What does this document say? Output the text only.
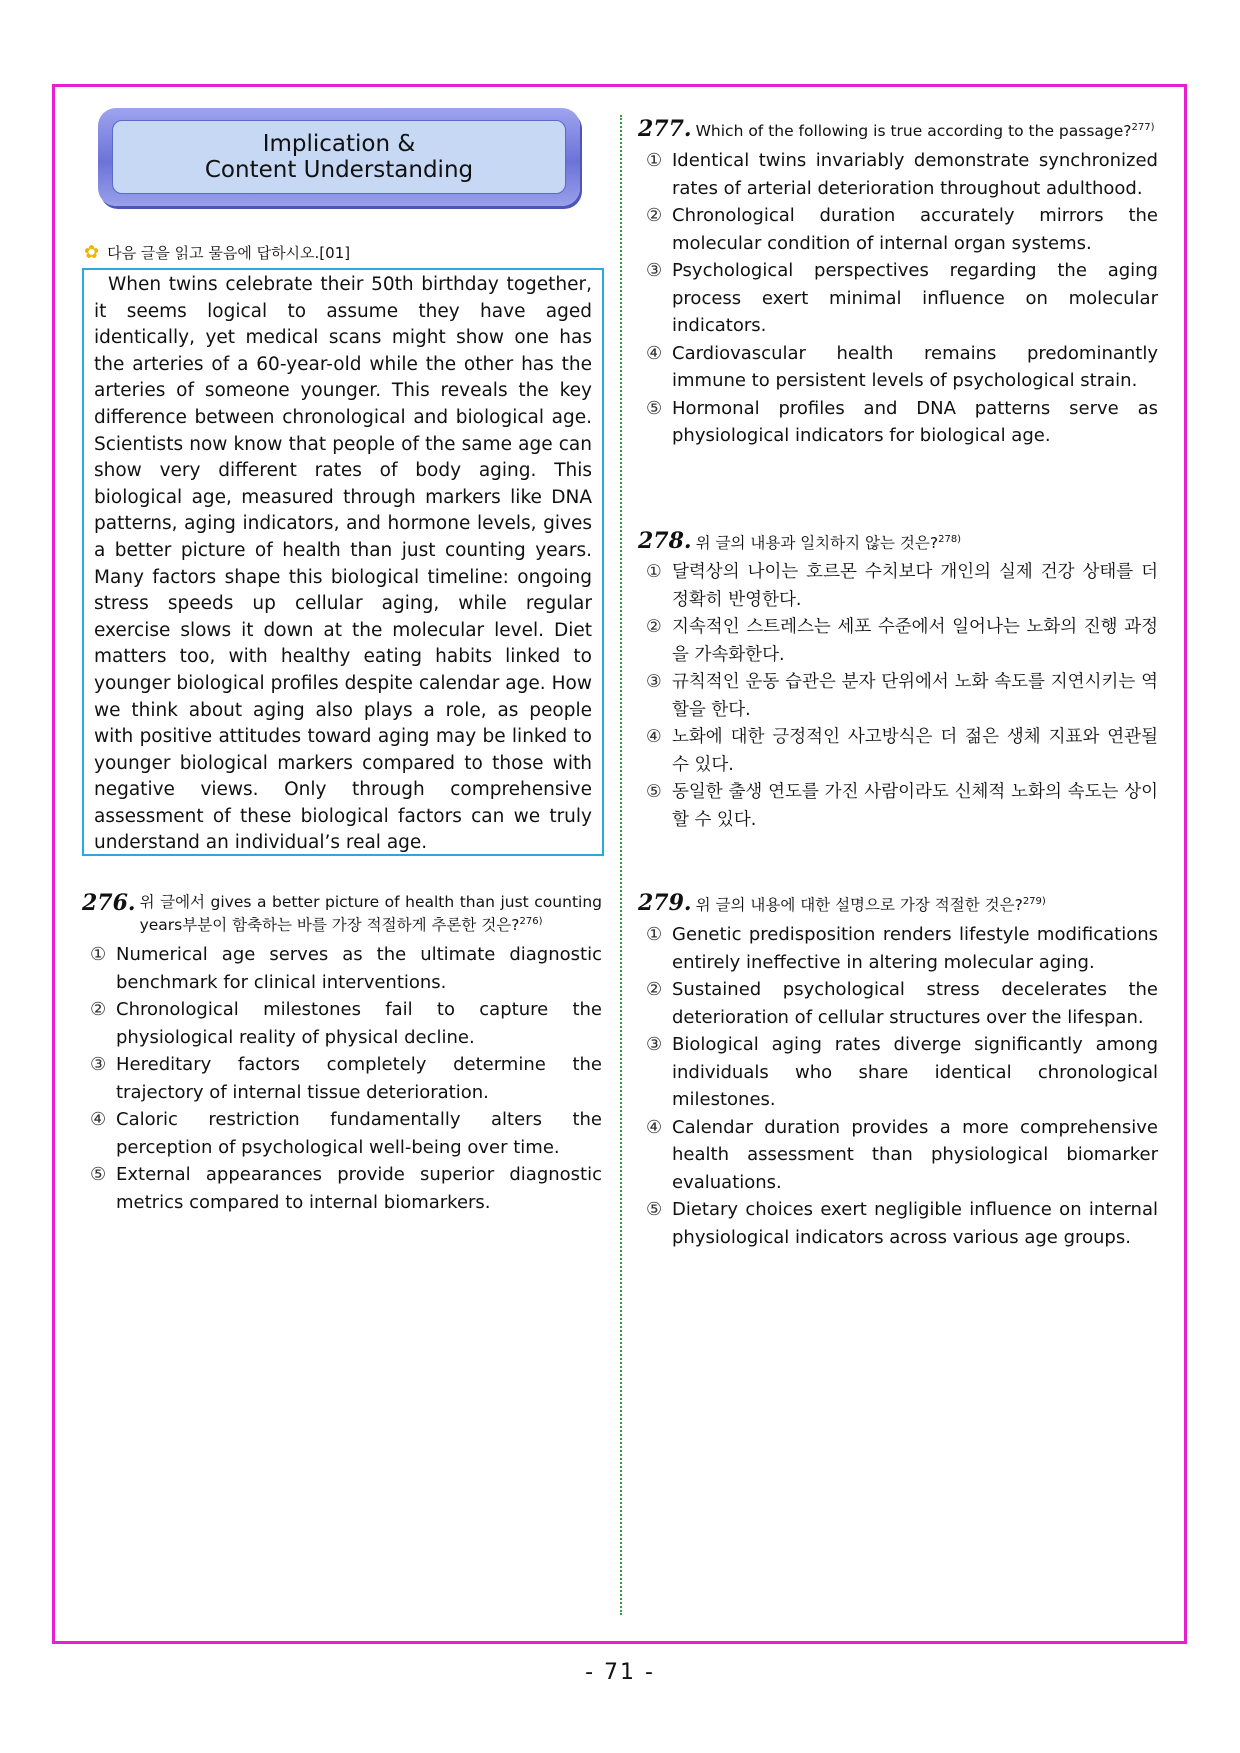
Implication &
Content Understanding
✿ 다음 글을 읽고 물음에 답하시오.[01]

When twins celebrate their 50th birthday together, it seems logical to assume they have aged identically, yet medical scans might show one has the arteries of a 60-year-old while the other has the arteries of someone younger. This reveals the key difference between chronological and biological age. Scientists now know that people of the same age can show very different rates of body aging. This biological age, measured through markers like DNA patterns, aging indicators, and hormone levels, gives a better picture of health than just counting years. Many factors shape this biological timeline: ongoing stress speeds up cellular aging, while regular exercise slows it down at the molecular level. Diet matters too, with healthy eating habits linked to younger biological profiles despite calendar age. How we think about aging also plays a role, as people with positive attitudes toward aging may be linked to younger biological markers compared to those with negative views. Only through comprehensive assessment of these biological factors can we truly understand an individual’s real age.

276. 위 글에서 gives a better picture of health than just counting years부분이 함축하는 바를 가장 적절하게 추론한 것은?$^{276)}$
① Numerical age serves as the ultimate diagnostic benchmark for clinical interventions.
② Chronological milestones fail to capture the physiological reality of physical decline.
③ Hereditary factors completely determine the trajectory of internal tissue deterioration.
④ Caloric restriction fundamentally alters the perception of psychological well-being over time.
⑤ External appearances provide superior diagnostic metrics compared to internal biomarkers.
277. Which of the following is true according to the passage?$^{277)}$
① Identical twins invariably demonstrate synchronized rates of arterial deterioration throughout adulthood.
② Chronological duration accurately mirrors the molecular condition of internal organ systems.
③ Psychological perspectives regarding the aging process exert minimal influence on molecular indicators.
④ Cardiovascular health remains predominantly immune to persistent levels of psychological strain.
⑤ Hormonal profiles and DNA patterns serve as physiological indicators for biological age.
278. 위 글의 내용과 일치하지 않는 것은?$^{278)}$
① 달력상의 나이는 호르몬 수치보다 개인의 실제 건강 상태를 더 정확히 반영한다.
② 지속적인 스트레스는 세포 수준에서 일어나는 노화의 진행 과정을 가속화한다.
③ 규칙적인 운동 습관은 분자 단위에서 노화 속도를 지연시키는 역할을 한다.
④ 노화에 대한 긍정적인 사고방식은 더 젊은 생체 지표와 연관될 수 있다.
⑤ 동일한 출생 연도를 가진 사람이라도 신체적 노화의 속도는 상이할 수 있다.
279. 위 글의 내용에 대한 설명으로 가장 적절한 것은?$^{279)}$
① Genetic predisposition renders lifestyle modifications entirely ineffective in altering molecular aging.
② Sustained psychological stress decelerates the deterioration of cellular structures over the lifespan.
③ Biological aging rates diverge significantly among individuals who share identical chronological milestones.
④ Calendar duration provides a more comprehensive health assessment than physiological biomarker evaluations.
⑤ Dietary choices exert negligible influence on internal physiological indicators across various age groups.
- 71 -
